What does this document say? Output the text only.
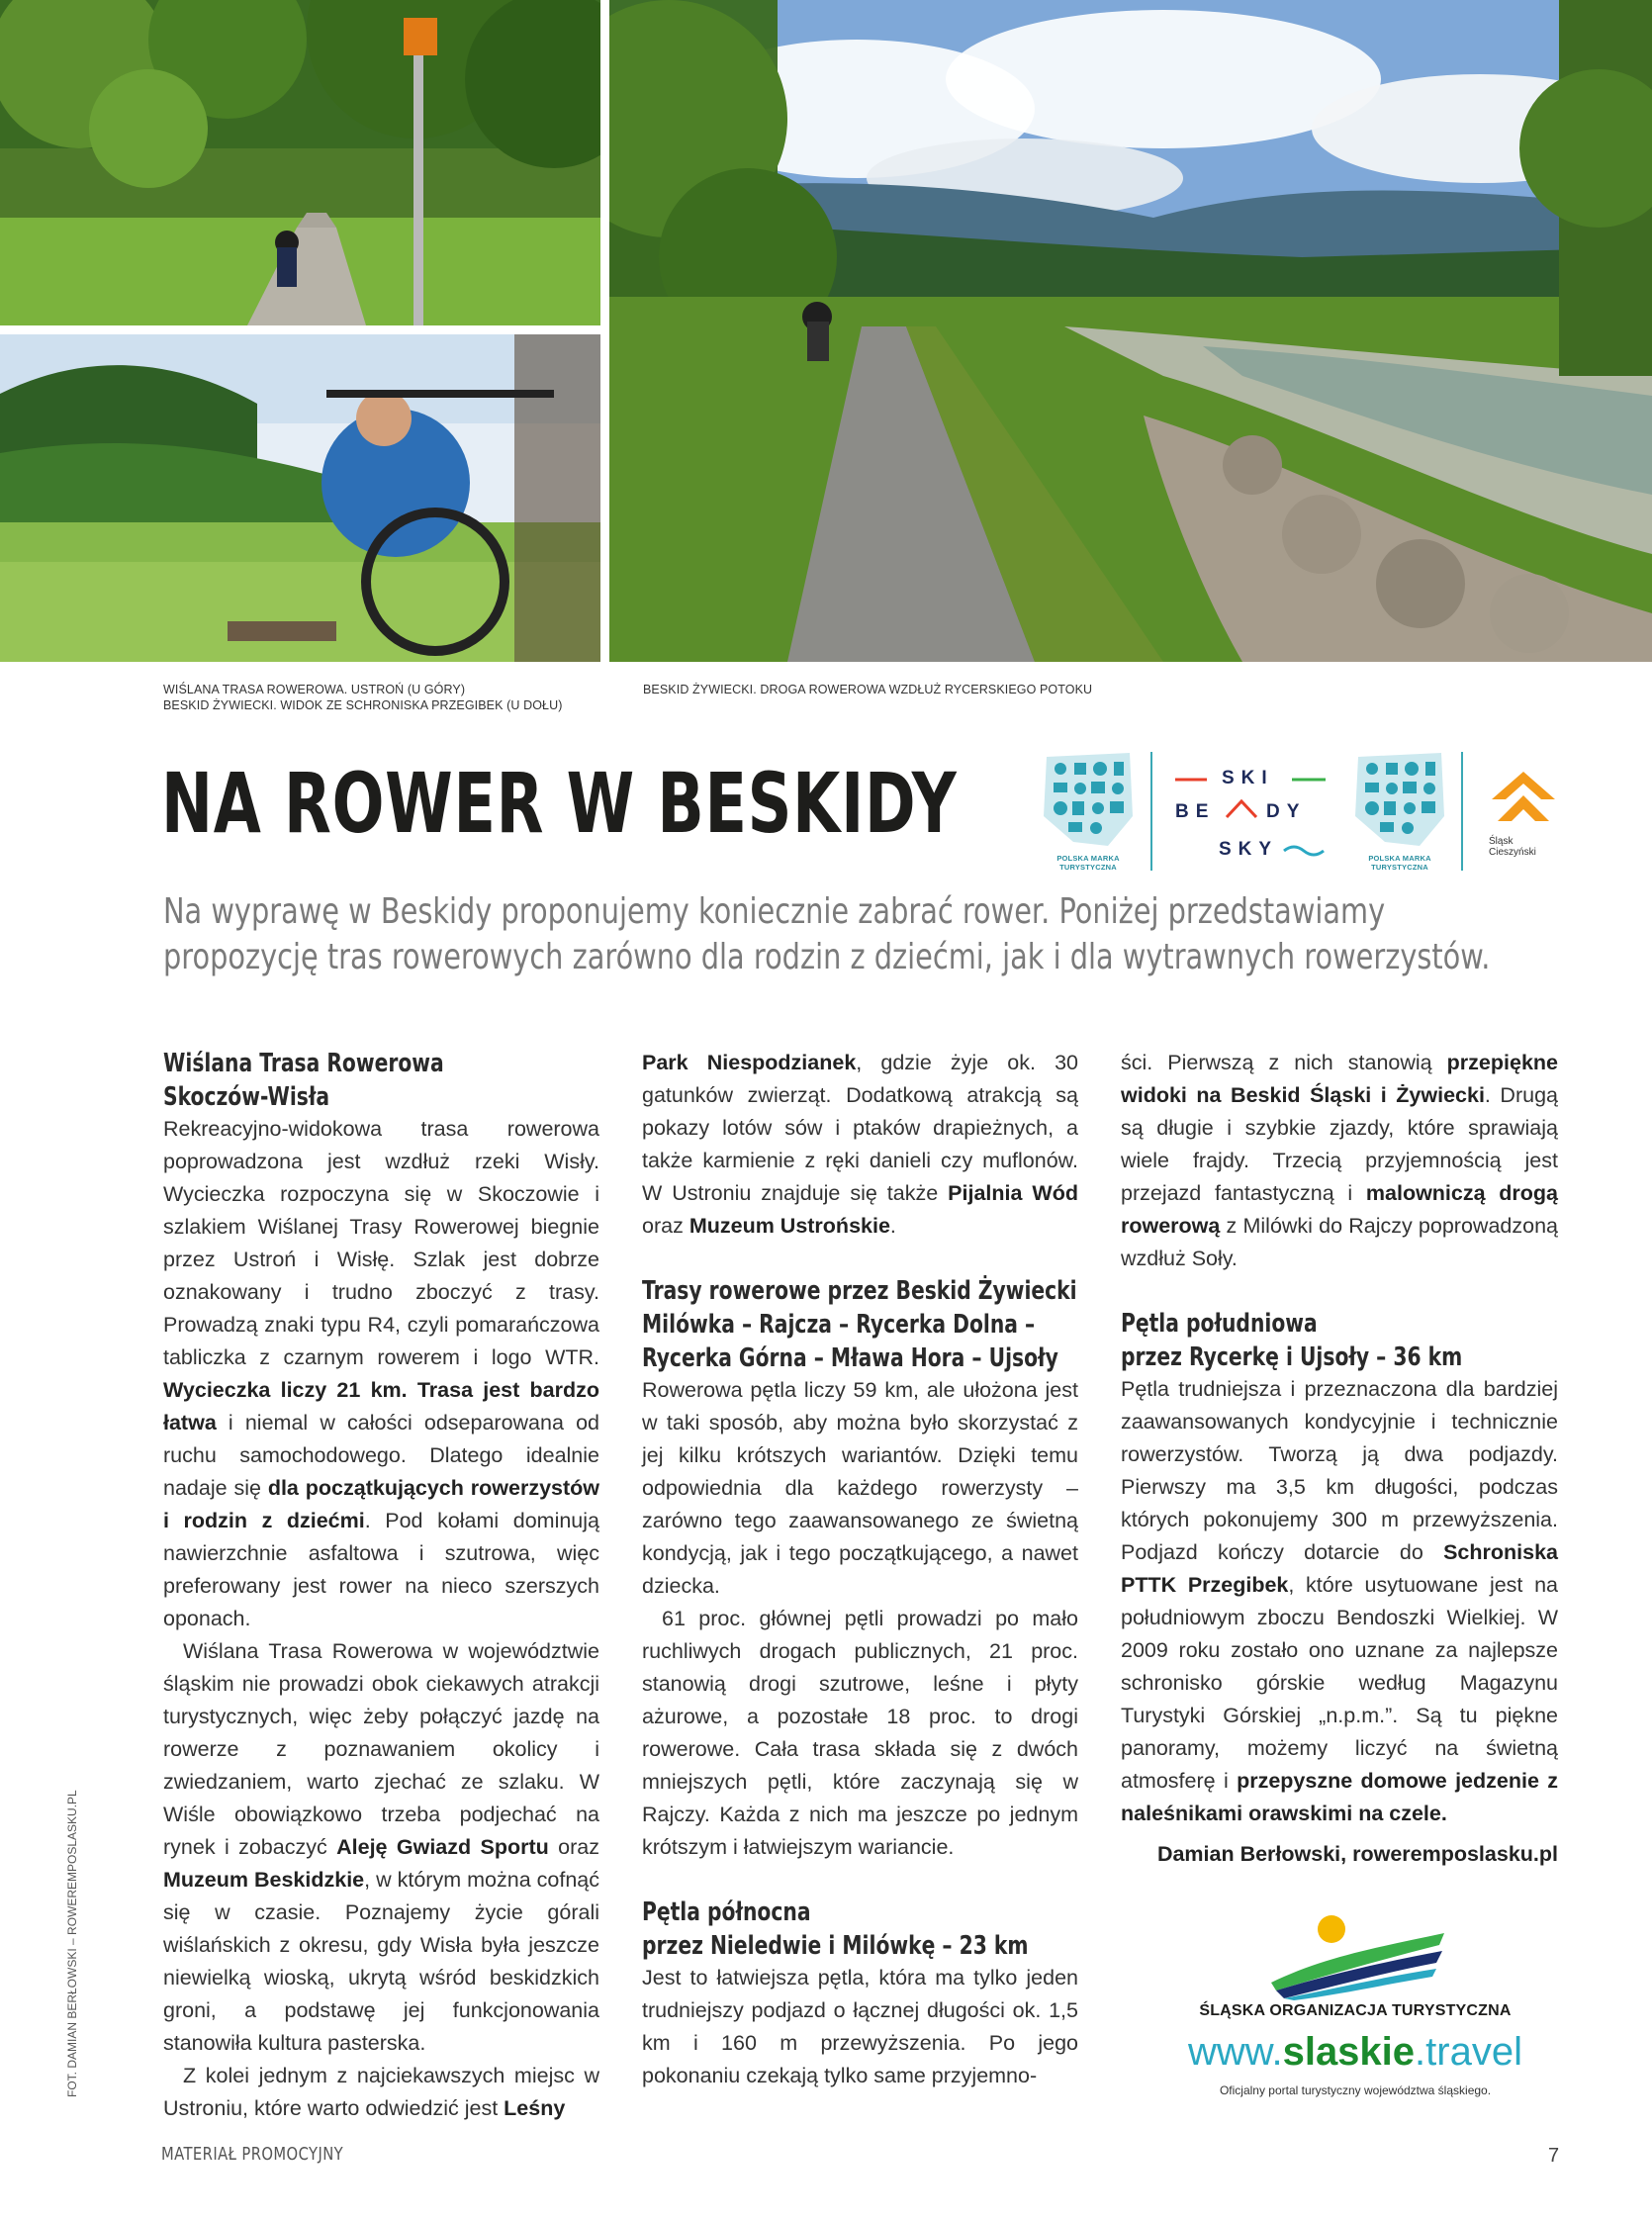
WIŚLANA TRASA ROWEROWA. USTROŃ (U GÓRY)
BESKID ŻYWIECKI. WIDOK ZE SCHRONISKA PRZEGIBEK (U DOŁU)
BESKID ŻYWIECKI. DROGA ROWEROWA WZDŁUŻ RYCERSKIEGO POTOKU
NA ROWER W BESKIDY
POLSKA MARKA TURYSTYCZNA
SKI
BE	DY
SKY	POLSKA MARKA TURYSTYCZNA
Śląsk
Cieszyński
Na wyprawę w Beskidy proponujemy koniecznie zabrać rower. Poniżej przedstawiamy
propozycję tras rowerowych zarówno dla rodzin z dziećmi, jak i dla wytrawnych rowerzystów.
Wiślana Trasa Rowerowa
Skoczów-Wisła

Rekreacyjno-widokowa trasa rowerowa poprowadzona jest wzdłuż rzeki Wisły. Wycieczka rozpoczyna się w Skoczowie i szlakiem Wiślanej Trasy Rowerowej biegnie przez Ustroń i Wisłę. Szlak jest dobrze oznakowany i trudno zboczyć z trasy. Prowadzą znaki typu R4, czyli pomarańczowa tabliczka z czarnym rowerem i logo WTR. Wycieczka liczy 21 km. Trasa jest bardzo łatwa i niemal w całości odseparowana od ruchu samochodowego. Dlatego idealnie nadaje się dla początkujących rowerzystów i rodzin z dziećmi. Pod kołami dominują nawierzchnie asfaltowa i szutrowa, więc preferowany jest rower na nieco szerszych oponach.

Wiślana Trasa Rowerowa w województwie śląskim nie prowadzi obok ciekawych atrakcji turystycznych, więc żeby połączyć jazdę na rowerze z poznawaniem okolicy i zwiedzaniem, warto zjechać ze szlaku. W Wiśle obowiązkowo trzeba podjechać na rynek i zobaczyć Aleję Gwiazd Sportu oraz Muzeum Beskidzkie, w którym można cofnąć się w czasie. Poznajemy życie górali wiślańskich z okresu, gdy Wisła była jeszcze niewielką wioską, ukrytą wśród beskidzkich groni, a podstawę jej funkcjonowania stanowiła kultura pasterska.

Z kolei jednym z najciekawszych miejsc w Ustroniu, które warto odwiedzić jest Leśny

Park Niespodzianek, gdzie żyje ok. 30 gatunków zwierząt. Dodatkową atrakcją są pokazy lotów sów i ptaków drapieżnych, a także karmienie z ręki danieli czy muflonów. W Ustroniu znajduje się także Pijalnia Wód oraz Muzeum Ustrońskie.

Trasy rowerowe przez Beskid Żywiecki
Milówka – Rajcza – Rycerka Dolna –
Rycerka Górna – Mława Hora – Ujsoły

Rowerowa pętla liczy 59 km, ale ułożona jest w taki sposób, aby można było skorzystać z jej kilku krótszych wariantów. Dzięki temu odpowiednia dla każdego rowerzysty – zarówno tego zaawansowanego ze świetną kondycją, jak i tego początkującego, a nawet dziecka.

61 proc. głównej pętli prowadzi po mało ruchliwych drogach publicznych, 21 proc. stanowią drogi szutrowe, leśne i płyty ażurowe, a pozostałe 18 proc. to drogi rowerowe. Cała trasa składa się z dwóch mniejszych pętli, które zaczynają się w Rajczy. Każda z nich ma jeszcze po jednym krótszym i łatwiejszym wariancie.

Pętla północna
przez Nieledwie i Milówkę – 23 km

Jest to łatwiejsza pętla, która ma tylko jeden trudniejszy podjazd o łącznej długości ok. 1,5 km i 160 m przewyższenia. Po jego pokonaniu czekają tylko same przyjemno-

ści. Pierwszą z nich stanowią przepiękne widoki na Beskid Śląski i Żywiecki. Drugą są długie i szybkie zjazdy, które sprawiają wiele frajdy. Trzecią przyjemnością jest przejazd fantastyczną i malowniczą drogą rowerową z Milówki do Rajczy poprowadzoną wzdłuż Soły.

Pętla południowa
przez Rycerkę i Ujsoły – 36 km

Pętla trudniejsza i przeznaczona dla bardziej zaawansowanych kondycyjnie i technicznie rowerzystów. Tworzą ją dwa podjazdy. Pierwszy ma 3,5 km długości, podczas których pokonujemy 300 m przewyższenia. Podjazd kończy dotarcie do Schroniska PTTK Przegibek, które usytuowane jest na południowym zboczu Bendoszki Wielkiej. W 2009 roku zostało ono uznane za najlepsze schronisko górskie według Magazynu Turystyki Górskiej „n.p.m.”. Są tu piękne panoramy, możemy liczyć na świetną atmosferę i przepyszne domowe jedzenie z naleśnikami orawskimi na czele.

Damian Berłowski, roweremposlasku.pl
ŚLĄSKA ORGANIZACJA TURYSTYCZNA
www.slaskie.travel
Oficjalny portal turystyczny województwa śląskiego.
FOT. DAMIAN BERŁOWSKI – ROWEREMPOSLASKU.PL
MATERIAŁ PROMOCYJNY	7
